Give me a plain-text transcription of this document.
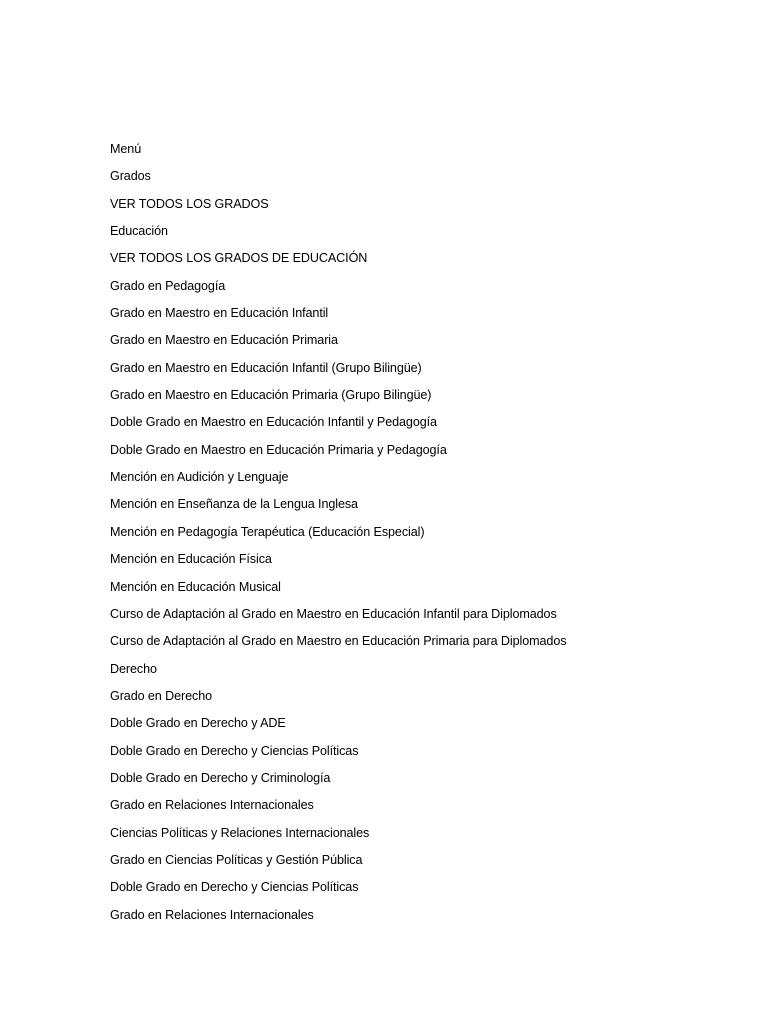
Menú
Grados
VER TODOS LOS GRADOS
Educación
VER TODOS LOS GRADOS DE EDUCACIÓN
Grado en Pedagogía
Grado en Maestro en Educación Infantil
Grado en Maestro en Educación Primaria
Grado en Maestro en Educación Infantil (Grupo Bilingüe)
Grado en Maestro en Educación Primaria (Grupo Bilingüe)
Doble Grado en Maestro en Educación Infantil y Pedagogía
Doble Grado en Maestro en Educación Primaria y Pedagogía
Mención en Audición y Lenguaje
Mención en Enseñanza de la Lengua Inglesa
Mención en Pedagogía Terapéutica (Educación Especial)
Mención en Educación Física
Mención en Educación Musical
Curso de Adaptación al Grado en Maestro en Educación Infantil para Diplomados
Curso de Adaptación al Grado en Maestro en Educación Primaria para Diplomados
Derecho
Grado en Derecho
Doble Grado en Derecho y ADE
Doble Grado en Derecho y Ciencias Políticas
Doble Grado en Derecho y Criminología
Grado en Relaciones Internacionales
Ciencias Políticas y Relaciones Internacionales
Grado en Ciencias Políticas y Gestión Pública
Doble Grado en Derecho y Ciencias Políticas
Grado en Relaciones Internacionales
